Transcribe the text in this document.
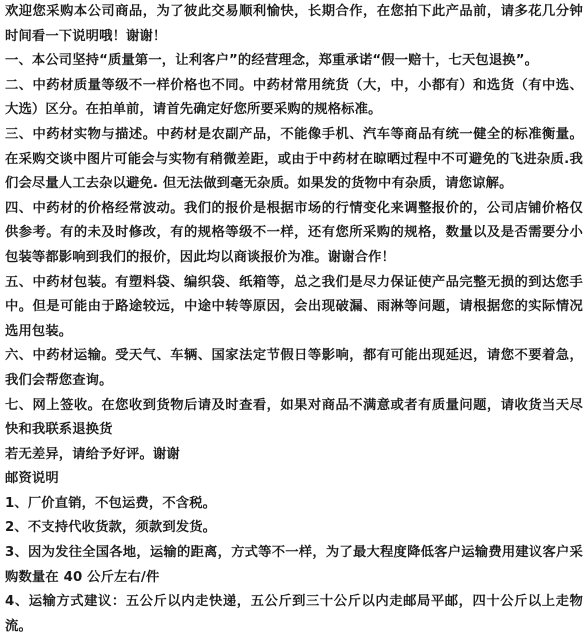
欢迎您采购本公司商品，为了彼此交易顺利愉快，长期合作，在您拍下此产品前，请多花几分钟时间看一下说明哦！谢谢！

一、本公司坚持“质量第一，让利客户”的经营理念，郑重承诺“假一赔十，七天包退换”。

二、中药材质量等级不一样价格也不同。中药材常用统货（大，中，小都有）和选货（有中选、大选）区分。在拍单前，请首先确定好您所要采购的规格标准。

三、中药材实物与描述。中药材是农副产品，不能像手机、汽车等商品有统一健全的标准衡量。在采购交谈中图片可能会与实物有稍微差距，或由于中药材在晾晒过程中不可避免的飞进杂质.我们会尽量人工去杂以避免. 但无法做到毫无杂质。如果发的货物中有杂质，请您谅解。

四、中药材的价格经常波动。我们的报价是根据市场的行情变化来调整报价的，公司店铺价格仅供参考。有的未及时修改，有的规格等级不一样，还有您所采购的规格，数量以及是否需要分小包装等都影响到我们的报价，因此均以商谈报价为准。谢谢合作！

五、中药材包装。有塑料袋、编织袋、纸箱等，总之我们是尽力保证使产品完整无损的到达您手中。但是可能由于路途较远，中途中转等原因，会出现破漏、雨淋等问题，请根据您的实际情况选用包装。

六、中药材运输。受天气、车辆、国家法定节假日等影响，都有可能出现延迟，请您不要着急，我们会帮您查询。

七、网上签收。在您收到货物后请及时查看，如果对商品不满意或者有质量问题，请收货当天尽快和我联系退换货

若无差异，请给予好评。谢谢

邮资说明

1、厂价直销，不包运费，不含税。

2、不支持代收货款，须款到发货。

3、因为发往全国各地，运输的距离，方式等不一样，为了最大程度降低客户运输费用建议客户采购数量在 40 公斤左右/件

4、运输方式建议：五公斤以内走快递，五公斤到三十公斤以内走邮局平邮，四十公斤以上走物流。
